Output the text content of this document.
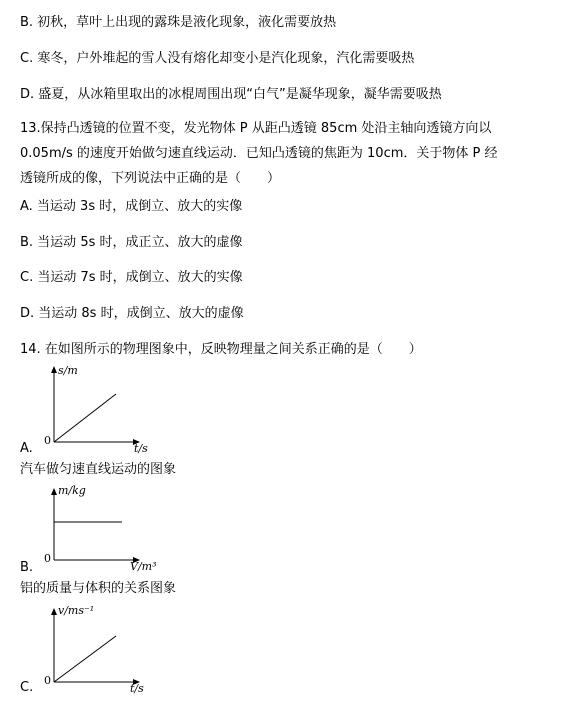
B. 初秋，草叶上出现的露珠是液化现象，液化需要放热
C. 寒冬，户外堆起的雪人没有熔化却变小是汽化现象，汽化需要吸热
D. 盛夏，从冰箱里取出的冰棍周围出现“白气”是凝华现象，凝华需要吸热
13.保持凸透镜的位置不变，发光物体 P 从距凸透镜 85cm 处沿主轴向透镜方向以
0.05m/s 的速度开始做匀速直线运动．已知凸透镜的焦距为 10cm．关于物体 P 经
透镜所成的像，下列说法中正确的是（　　）
A. 当运动 3s 时，成倒立、放大的实像
B. 当运动 5s 时，成正立、放大的虚像
C. 当运动 7s 时，成倒立、放大的实像
D. 当运动 8s 时，成倒立、放大的虚像
14. 在如图所示的物理图象中，反映物理量之间关系正确的是（　　）
s/m
0
t/s
A.
汽车做匀速直线运动的图象
m/kg
0
V/m³
B.
铝的质量与体积的关系图象
v/ms⁻¹
0
t/s
C.
